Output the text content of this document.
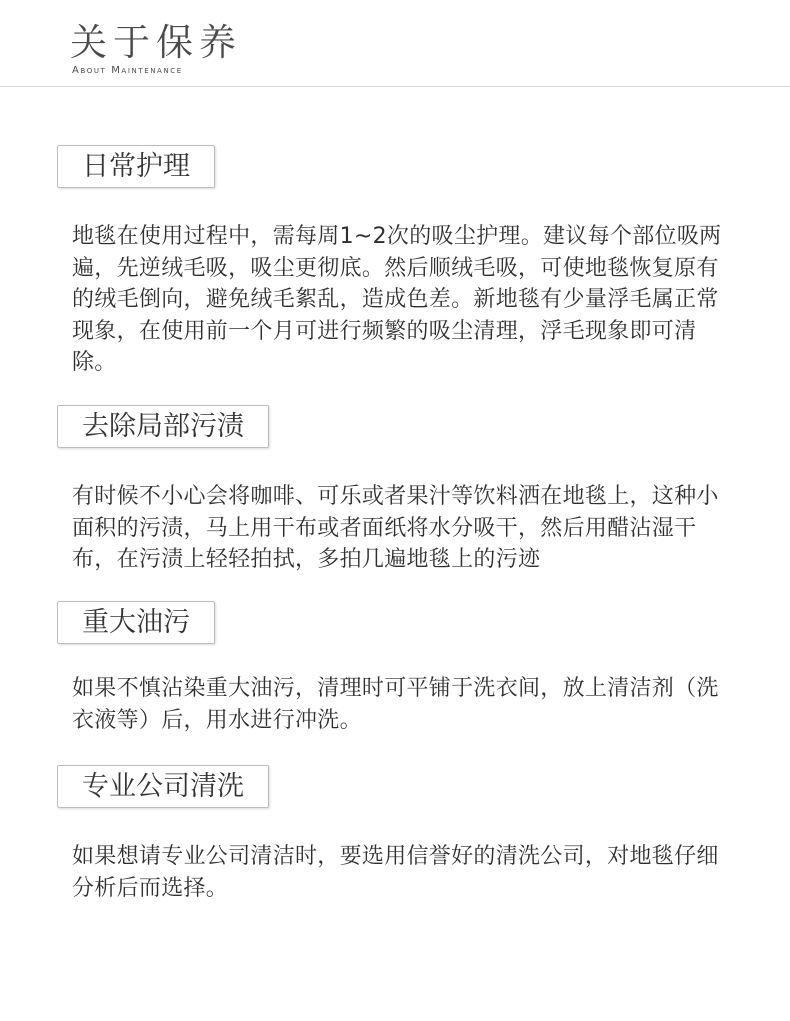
关于保养
About Maintenance
日常护理
地毯在使用过程中，需每周1~2次的吸尘护理。建议每个部位吸两遍，先逆绒毛吸，吸尘更彻底。然后顺绒毛吸，可使地毯恢复原有的绒毛倒向，避免绒毛絮乱，造成色差。新地毯有少量浮毛属正常现象，在使用前一个月可进行频繁的吸尘清理，浮毛现象即可清除。
去除局部污渍
有时候不小心会将咖啡、可乐或者果汁等饮料洒在地毯上，这种小面积的污渍，马上用干布或者面纸将水分吸干，然后用醋沾湿干布，在污渍上轻轻拍拭，多拍几遍地毯上的污迹
重大油污
如果不慎沾染重大油污，清理时可平铺于洗衣间，放上清洁剂（洗衣液等）后，用水进行冲洗。
专业公司清洗
如果想请专业公司清洁时，要选用信誉好的清洗公司，对地毯仔细分析后而选择。
